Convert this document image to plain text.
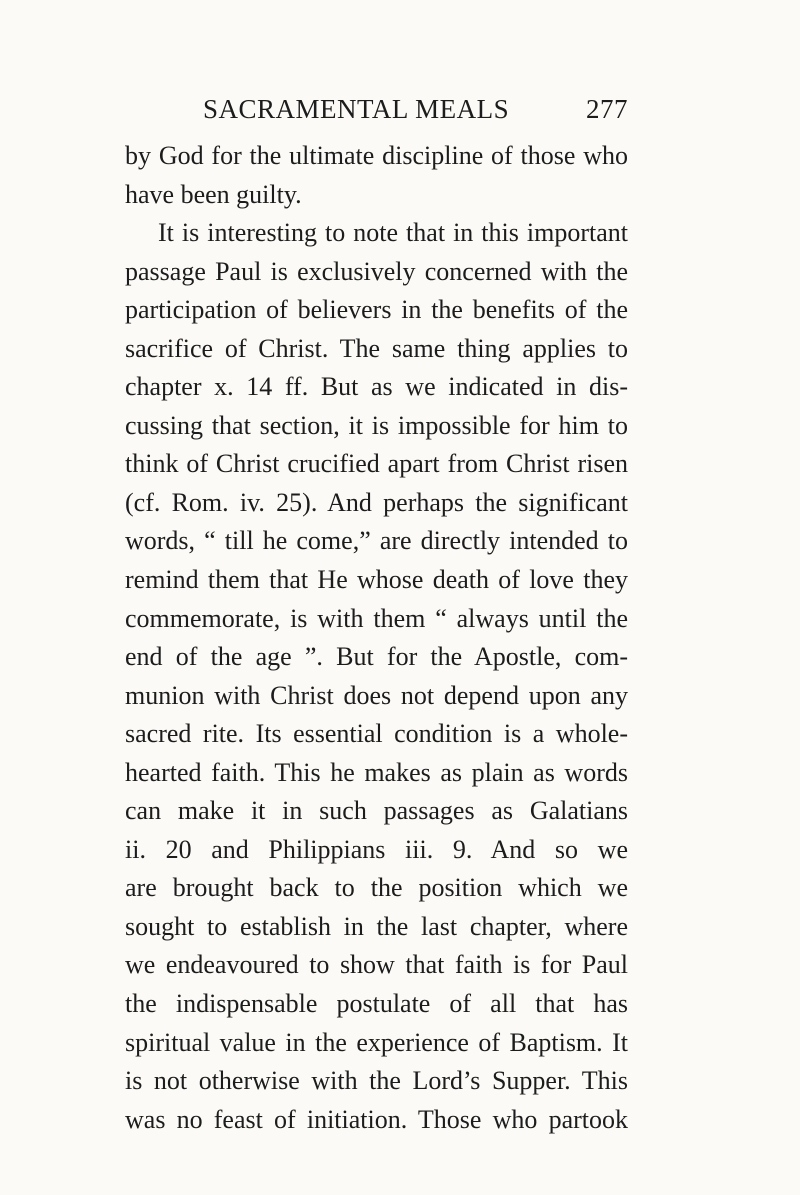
SACRAMENTAL MEALS	277
by God for the ultimate discipline of those who
have been guilty.
It is interesting to note that in this important
passage Paul is exclusively concerned with the
participation of believers in the benefits of the
sacrifice of Christ. The same thing applies to
chapter x. 14 ff. But as we indicated in dis-
cussing that section, it is impossible for him to
think of Christ crucified apart from Christ risen
(cf. Rom. iv. 25). And perhaps the significant
words, “ till he come,” are directly intended to
remind them that He whose death of love they
commemorate, is with them “ always until the
end of the age ”. But for the Apostle, com-
munion with Christ does not depend upon any
sacred rite. Its essential condition is a whole-
hearted faith. This he makes as plain as words
can make it in such passages as Galatians
ii. 20 and Philippians iii. 9. And so we
are brought back to the position which we
sought to establish in the last chapter, where
we endeavoured to show that faith is for Paul
the indispensable postulate of all that has
spiritual value in the experience of Baptism. It
is not otherwise with the Lord’s Supper. This
was no feast of initiation. Those who partook
